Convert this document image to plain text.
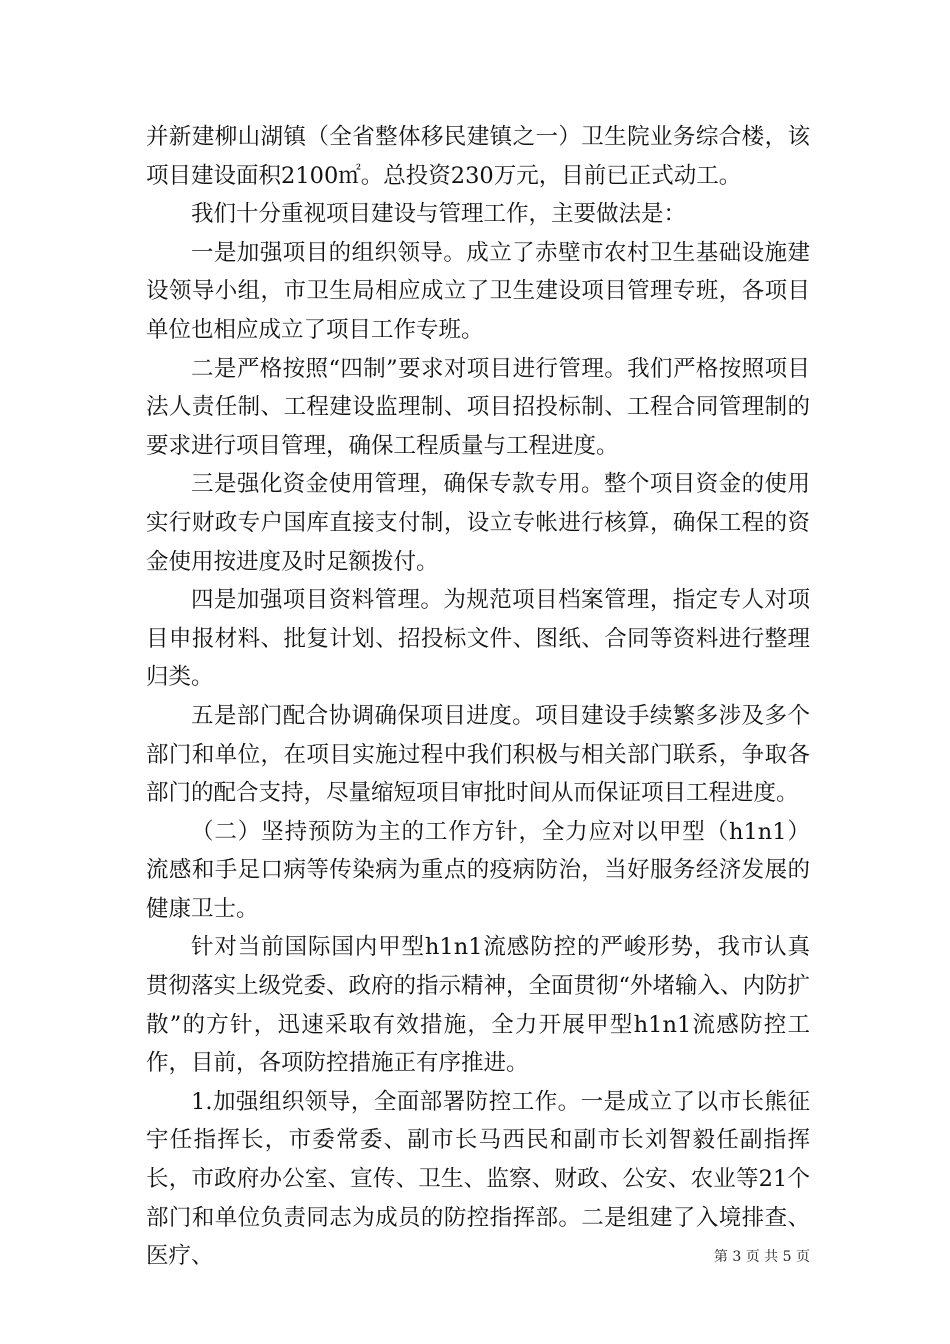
并新建柳山湖镇（全省整体移民建镇之一）卫生院业务综合楼，该项目建设面积2100㎡。总投资230万元，目前已正式动工。

我们十分重视项目建设与管理工作，主要做法是：

一是加强项目的组织领导。成立了赤壁市农村卫生基础设施建设领导小组，市卫生局相应成立了卫生建设项目管理专班，各项目单位也相应成立了项目工作专班。

二是严格按照“四制”要求对项目进行管理。我们严格按照项目法人责任制、工程建设监理制、项目招投标制、工程合同管理制的要求进行项目管理，确保工程质量与工程进度。

三是强化资金使用管理，确保专款专用。整个项目资金的使用实行财政专户国库直接支付制，设立专帐进行核算，确保工程的资金使用按进度及时足额拨付。

四是加强项目资料管理。为规范项目档案管理，指定专人对项目申报材料、批复计划、招投标文件、图纸、合同等资料进行整理归类。

五是部门配合协调确保项目进度。项目建设手续繁多涉及多个部门和单位，在项目实施过程中我们积极与相关部门联系，争取各部门的配合支持，尽量缩短项目审批时间从而保证项目工程进度。

（二）坚持预防为主的工作方针，全力应对以甲型（h1n1）流感和手足口病等传染病为重点的疫病防治，当好服务经济发展的健康卫士。

针对当前国际国内甲型h1n1流感防控的严峻形势，我市认真贯彻落实上级党委、政府的指示精神，全面贯彻“外堵输入、内防扩散”的方针，迅速采取有效措施，全力开展甲型h1n1流感防控工作，目前，各项防控措施正有序推进。

1.加强组织领导，全面部署防控工作。一是成立了以市长熊征宇任指挥长，市委常委、副市长马西民和副市长刘智毅任副指挥长，市政府办公室、宣传、卫生、监察、财政、公安、农业等21个部门和单位负责同志为成员的防控指挥部。二是组建了入境排查、医疗、	第 3 页 共 5 页
